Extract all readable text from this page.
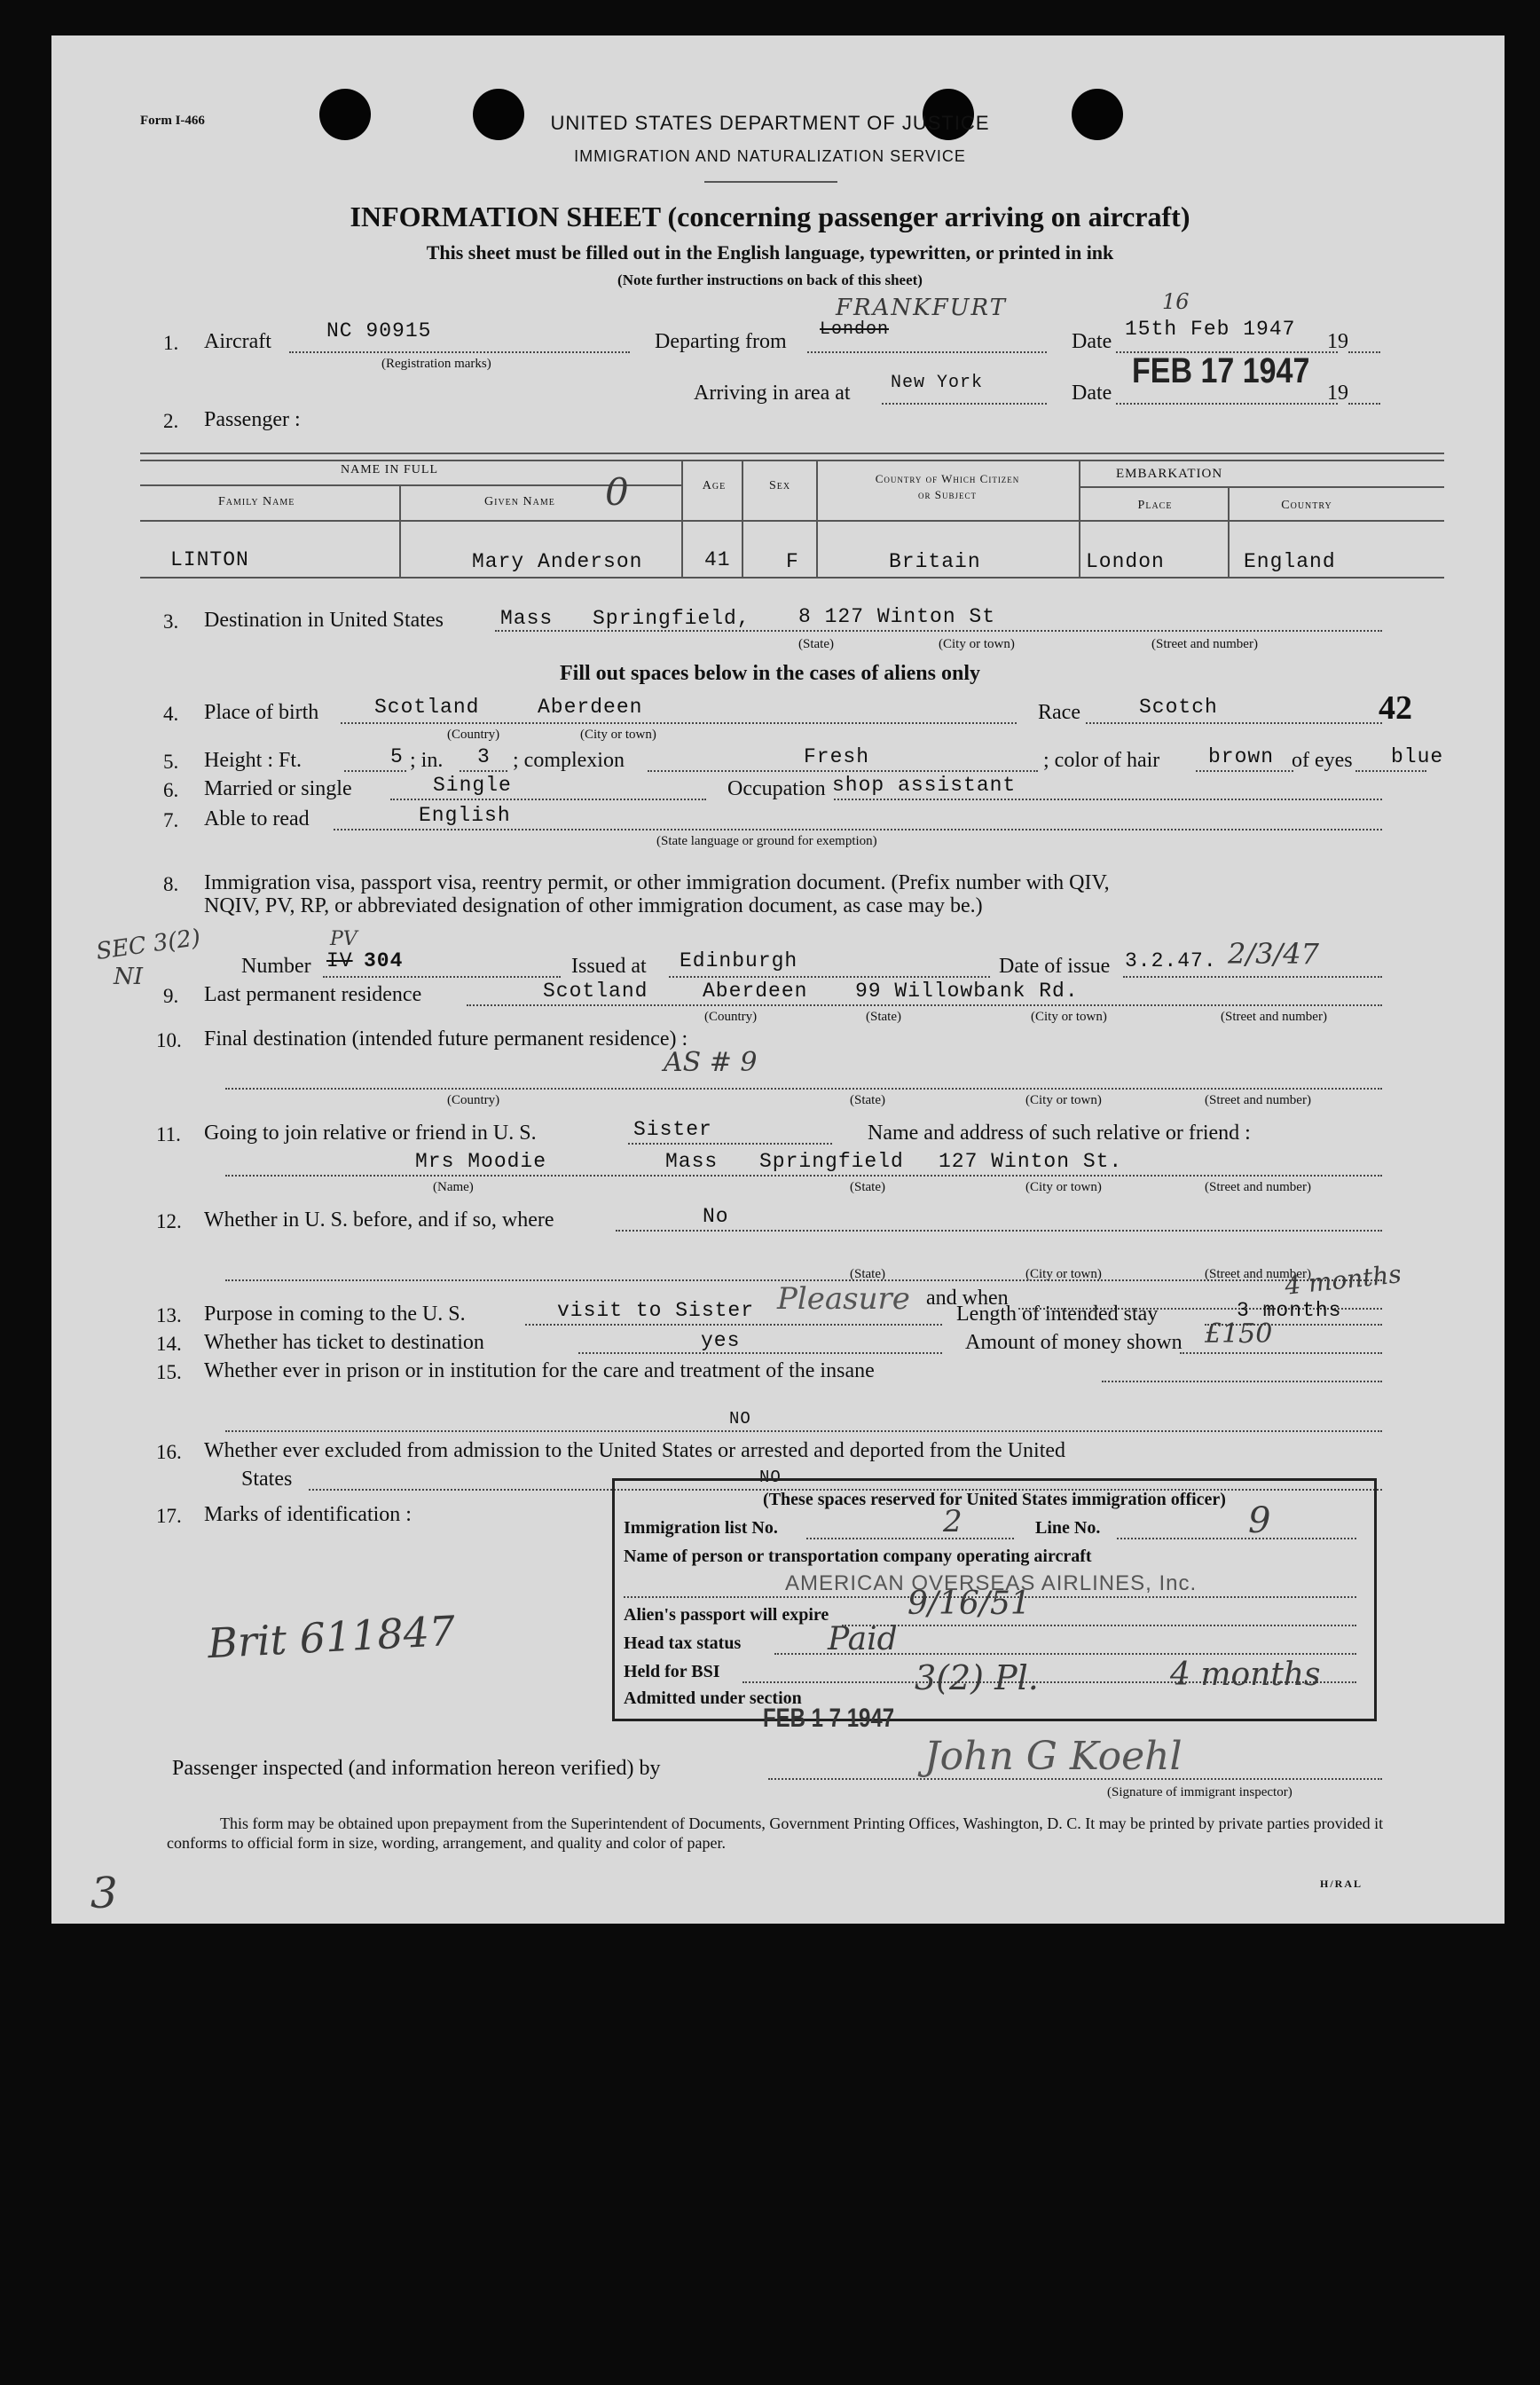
Form I-466	UNITED STATES DEPARTMENT OF JUSTICE
IMMIGRATION AND NATURALIZATION SERVICE
INFORMATION SHEET (concerning passenger arriving on aircraft)
This sheet must be filled out in the English language, typewritten, or printed in ink
(Note further instructions on back of this sheet)
1. Aircraft	NC 90915
(Registration marks)
Departing from
London
FRANKFURT
Date
15th Feb 1947
16
19
2. Passenger :
Arriving in area at New York	Date
FEB 17 1947
19
NAME IN FULL
Family Name	Given Name 0	Age	Sex
Country of Which Citizen
or Subject
EMBARKATION
Place	Country
LINTON	Mary Anderson	41	F	Britain	London	England
3. Destination in United States	Mass Springfield, 8 127 Winton St
(State)	(City or town)	(Street and number)
Fill out spaces below in the cases of aliens only
4. Place of birth	Scotland	Aberdeen
(Country)	(City or town)
Race	Scotch	42
5. Height : Ft.	5 ; in. 3 ; complexion	Fresh	; color of hair brown of eyes blue
6. Married or single	Single	Occupation shop assistant
7. Able to read	English
(State language or ground for exemption)
8. Immigration visa, passport visa, reentry permit, or other immigration document. (Prefix number with QIV,
NQIV, PV, RP, or abbreviated designation of other immigration document, as case may be.)
SEC 3(2)
NI	Number IV
PV
304	Issued at Edinburgh	Date of issue 3.2.47. 2/3/47
9. Last permanent residence	Scotland	Aberdeen 99 Willowbank Rd.
(Country)	(State)	(City or town)	(Street and number)
10. Final destination (intended future permanent residence) :
AS # 9
(Country)	(State)	(City or town)	(Street and number)
11. Going to join relative or friend in U. S.	Sister	Name and address of such relative or friend :
Mrs Moodie	Mass Springfield 127 Winton St.
(Name)	(State)	(City or town)	(Street and number)
12. Whether in U. S. before, and if so, where	No
(State)	(City or town)	(Street and number)
and when
13. Purpose in coming to the U. S.	visit to Sister Pleasure Length of intended stay	3 months
4 months
14. Whether has ticket to destination	yes	Amount of money shown £150
15. Whether ever in prison or in institution for the care and treatment of the insane
NO
16. Whether ever excluded from admission to the United States or arrested and deported from the United
States	NO
17. Marks of identification :
Brit 611847
(These spaces reserved for United States immigration officer)
Immigration list No.	2	Line No.	9
Name of person or transportation company operating aircraft
AMERICAN OVERSEAS AIRLINES, Inc.
Alien's passport will expire 9/16/51
Head tax status	Paid
Held for BSI
Admitted under section
3(2) Pl.	4 months
FEB 1 7 1947
Passenger inspected (and information hereon verified) by	John G Koehl
(Signature of immigrant inspector)
This form may be obtained upon prepayment from the Superintendent of Documents, Government Printing Offices, Washington, D. C. It may be printed by private parties provided it conforms to official form in size, wording, arrangement, and quality and color of paper.
H/RAL
3
